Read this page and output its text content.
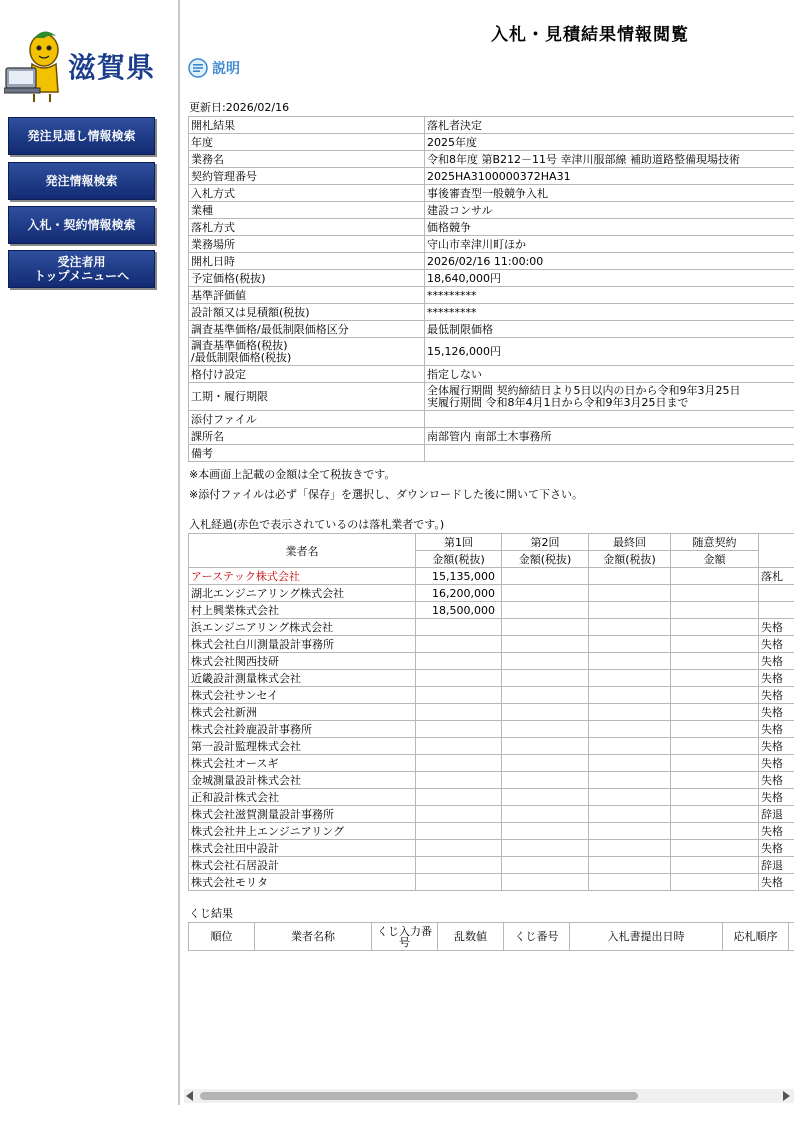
滋賀県
発注見通し情報検索
発注情報検索
入札・契約情報検索
受注者用
トップメニューへ
入札・見積結果情報閲覧
説明
更新日:2026/02/16
開札結果	落札者決定
年度	2025年度
業務名	令和8年度 第B212－11号 幸津川服部線 補助道路整備現場技術
契約管理番号	2025HA3100000372HA31
入札方式	事後審査型一般競争入札
業種	建設コンサル
落札方式	価格競争
業務場所	守山市幸津川町ほか
開札日時	2026/02/16 11:00:00
予定価格(税抜)	18,640,000円
基準評価値	*********
設計額又は見積額(税抜)	*********
調査基準価格/最低制限価格区分	最低制限価格
調査基準価格(税抜)
/最低制限価格(税抜)	15,126,000円
格付け設定	指定しない
工期・履行期限	全体履行期間 契約締結日より5日以内の日から令和9年3月25日
実履行期間 令和8年4月1日から令和9年3月25日まで
添付ファイル	
課所名	南部管内 南部土木事務所
備考	
※本画面上記載の金額は全て税抜きです。
※添付ファイルは必ず「保存」を選択し、ダウンロードした後に開いて下さい。
入札経過(赤色で表示されているのは落札業者です。)
業者名	第1回	第2回	最終回	随意契約	
	金額(税抜)	金額(税抜)	金額(税抜)	金額	
アーステック株式会社	15,135,000				落札
湖北エンジニアリング株式会社	16,200,000				
村上興業株式会社	18,500,000				
浜エンジニアリング株式会社					失格
株式会社白川測量設計事務所					失格
株式会社関西技研					失格
近畿設計測量株式会社					失格
株式会社サンセイ					失格
株式会社新洲					失格
株式会社鈴鹿設計事務所					失格
第一設計監理株式会社					失格
株式会社オースギ					失格
金城測量設計株式会社					失格
正和設計株式会社					失格
株式会社滋賀測量設計事務所					辞退
株式会社井上エンジニアリング					失格
株式会社田中設計					失格
株式会社石居設計					辞退
株式会社モリタ					失格
くじ結果
順位	業者名称	くじ入力番
号	乱数値	くじ番号	入札書提出日時	応札順序	
